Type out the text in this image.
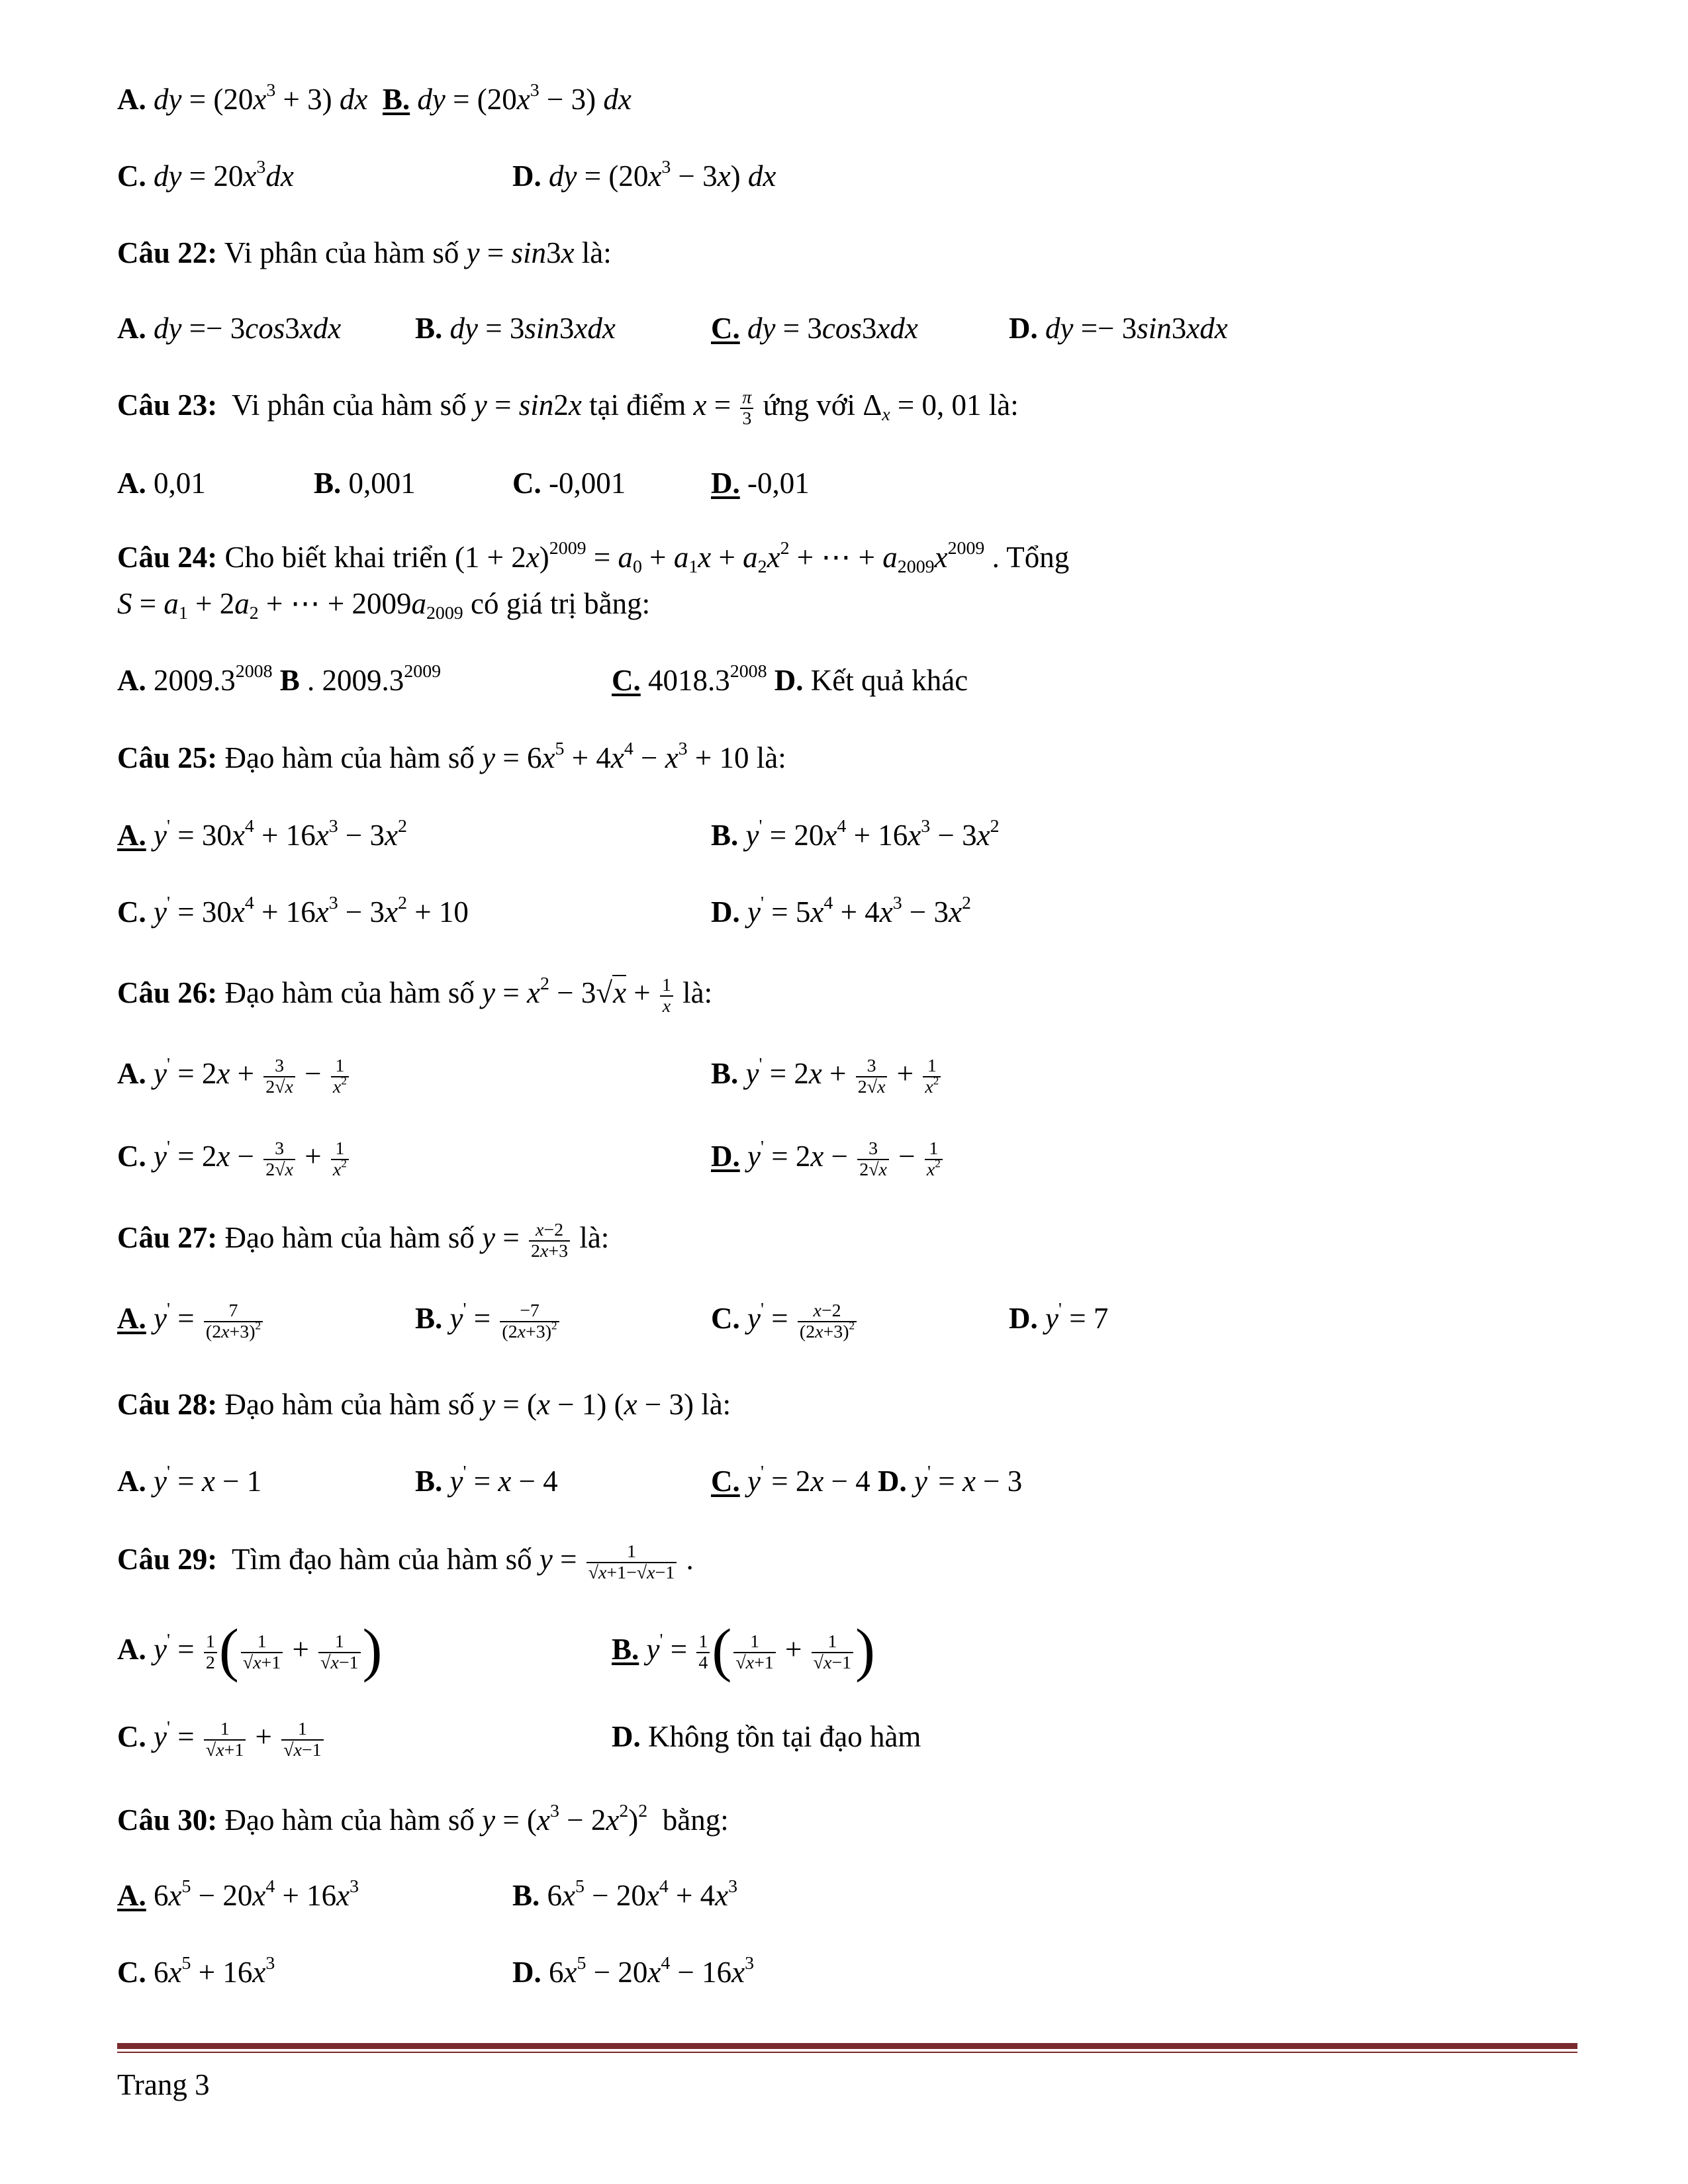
A. dy = $(20x^3 + 3)$ dx B. dy = $(20x^3 - 3)$ dx
C. dy = $20x^3dx$	D. dy = $(20x^3 - 3x)$ dx
Câu 22: Vi phân của hàm số y = sin3x là:
A. dy =− 3cos3xdx B. dy = 3sin3xdx	C. dy = 3cos3xdx	D. dy =− 3sin3xdx
Câu 23:  Vi phân của hàm số y = sin2x tại điểm $x = \frac{\pi}{3}$ ứng với $\Delta_x = 0$, 01 là:
A. 0,01	B. 0,001	C. -0,001	D. -0,01
Câu 24: Cho biết khai triển $(1 + 2x)^{2009} = a_0 + a_1x + a_2x^2$ + ⋯ + $a_{2009}x^{2009}$ . Tổng
$S = a_1 + 2a_2$ + ⋯ + $2009a_{2009}$ có giá trị bằng:
A. $2009.3^{2008}$ B . $2009.3^{2009}$	C. $4018.3^{2008}$ D. Kết quả khác
Câu 25: Đạo hàm của hàm số $y = 6x^5 + 4x^4 - x^3 + 10$ là:
A. $y' = 30x^4 + 16x^3 - 3x^2$	B. $y' = 20x^4 + 16x^3 - 3x^2$
C. $y' = 30x^4 + 16x^3 - 3x^2 + 10$	D. $y' = 5x^4 + 4x^3 - 3x^2$
Câu 26: Đạo hàm của hàm số $y = x^2 - 3√x + \frac{1}{x}$ là:
A. $y' = 2x + \frac{3}{2√x} - \frac{1}{x^2}$	B. $y' = 2x + \frac{3}{2√x} + \frac{1}{x^2}$
C. $y' = 2x - \frac{3}{2√x} + \frac{1}{x^2}$	D. $y' = 2x - \frac{3}{2√x} - \frac{1}{x^2}$
Câu 27: Đạo hàm của hàm số $y = \frac{x-2}{2x+3}$ là:
A. $y' = \frac{7}{(2x+3)^2}$	B. $y' = \frac{-7}{(2x+3)^2}$	C. $y' = \frac{x-2}{(2x+3)^2}$	D. y' = 7
Câu 28: Đạo hàm của hàm số y = (x − 1) (x − 3) là:
A. y' = x − 1	B. y' = x − 4	C. y' = 2x − 4 D. y' = x − 3
Câu 29:  Tìm đạo hàm của hàm số $y = \frac{1}{√x+1-√x-1}$ .
A. $y' = \frac{1}{2}$ ( $\frac{1}{√x+1} + \frac{1}{√x-1}$ )	B. $y' = \frac{1}{4}$ ( $\frac{1}{√x+1} + \frac{1}{√x-1}$ )
C. $y' = \frac{1}{√x+1} + \frac{1}{√x-1}$	D. Không tồn tại đạo hàm
Câu 30: Đạo hàm của hàm số $y = (x^3 - 2x^2)^2$  bằng:
A. $6x^5 - 20x^4 + 16x^3$	B. $6x^5 - 20x^4 + 4x^3$
C. $6x^5 + 16x^3$	D. $6x^5 - 20x^4 - 16x^3$
Trang 3
